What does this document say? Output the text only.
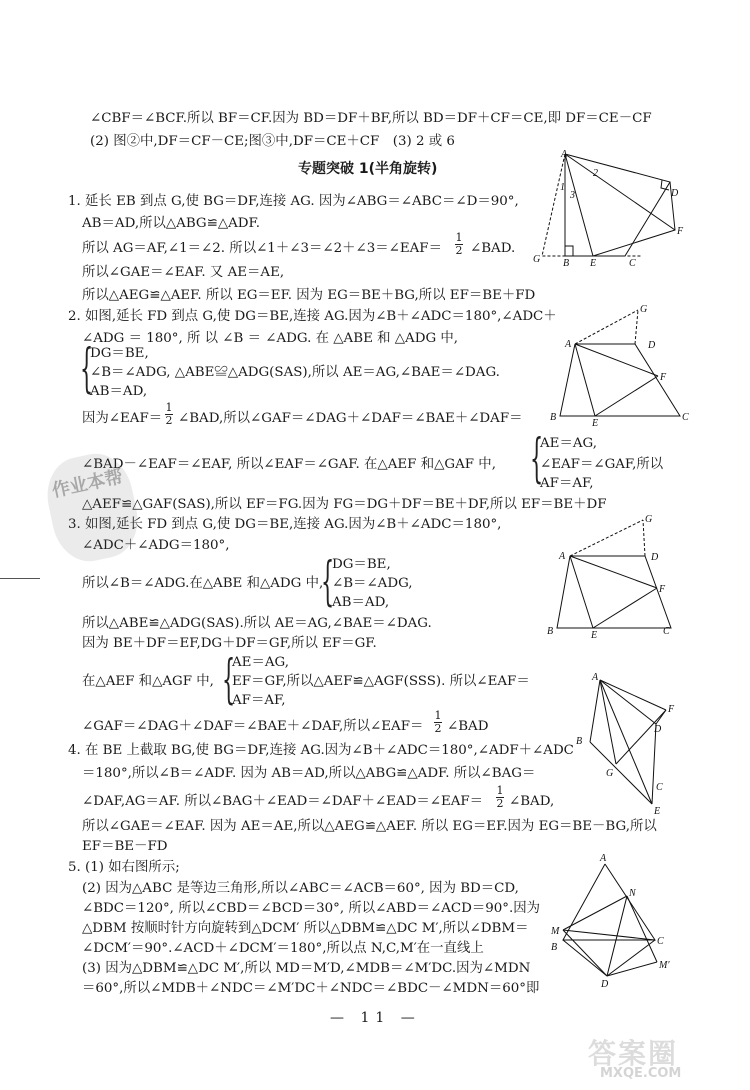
∠CBF＝∠BCF.所以 BF＝CF.因为 BD＝DF＋BF,所以 BD＝DF＋CF＝CE,即 DF＝CE－CF
(2) 图②中,DF＝CF－CE;图③中,DF＝CE＋CF　(3) 2 或 6
专题突破 1(半角旋转)
1. 延长 EB 到点 G,使 BG＝DF,连接 AG. 因为∠ABG＝∠ABC＝∠D＝90°,
AB＝AD,所以△ABG≌△ADF.
所以 AG＝AF,∠1＝∠2. 所以∠1＋∠3＝∠2＋∠3＝∠EAF＝
1
2 ∠BAD.
所以∠GAE＝∠EAF. 又 AE＝AE,
所以△AEG≌△AEF. 所以 EG＝EF. 因为 EG＝BE＋BG,所以 EF＝BE＋FD
2. 如图,延长 FD 到点 G,使 DG＝BE,连接 AG.因为∠B＋∠ADC＝180°,∠ADC＋
∠ADG ＝ 180°, 所 以 ∠B ＝ ∠ADG. 在 △ABE 和 △ADG 中,
{
DG＝BE,
∠B＝∠ADG, △ABE≌△ADG(SAS),所以 AE＝AG,∠BAE＝∠DAG.
AB＝AD,
因为∠EAF＝
1
2 ∠BAD,所以∠GAF＝∠DAG＋∠DAF＝∠BAE＋∠DAF＝
{
AE＝AG,
∠BAD－∠EAF＝∠EAF, 所以∠EAF＝∠GAF. 在△AEF 和△GAF 中,	∠EAF＝∠GAF,所以
AF＝AF,
△AEF≌△GAF(SAS),所以 EF＝FG.因为 FG＝DG＋DF＝BE＋DF,所以 EF＝BE＋DF
3. 如图,延长 FD 到点 G,使 DG＝BE,连接 AG.因为∠B＋∠ADC＝180°,
∠ADC＋∠ADG＝180°,
{
DG＝BE,
所以∠B＝∠ADG.在△ABE 和△ADG 中, ∠B＝∠ADG,
AB＝AD,
所以△ABE≌△ADG(SAS).所以 AE＝AG,∠BAE＝∠DAG.
因为 BE＋DF＝EF,DG＋DF＝GF,所以 EF＝GF.
{
AE＝AG,
在△AEF 和△AGF 中, EF＝GF,所以△AEF≌△AGF(SSS). 所以∠EAF＝
AF＝AF,
∠GAF＝∠DAG＋∠DAF＝∠BAE＋∠DAF,所以∠EAF＝
1
2 ∠BAD
4. 在 BE 上截取 BG,使 BG＝DF,连接 AG.因为∠B＋∠ADC＝180°,∠ADF＋∠ADC
＝180°,所以∠B＝∠ADF. 因为 AB＝AD,所以△ABG≌△ADF. 所以∠BAG＝
∠DAF,AG＝AF. 所以∠BAG＋∠EAD＝∠DAF＋∠EAD＝∠EAF＝
1
2 ∠BAD,
所以∠GAE＝∠EAF. 因为 AE＝AE,所以△AEG≌△AEF. 所以 EG＝EF.因为 EG＝BE－BG,所以
EF＝BE－FD
5. (1) 如右图所示;
(2) 因为△ABC 是等边三角形,所以∠ABC＝∠ACB＝60°, 因为 BD＝CD,
∠BDC＝120°, 所以∠CBD＝∠BCD＝30°, 所以∠ABD＝∠ACD＝90°.因为
△DBM 按顺时针方向旋转到△DCM′ 所以△DBM≌△DC M′,所以∠DBM＝
∠DCM′＝90°.∠ACD＋∠DCM′＝180°,所以点 N,C,M′在一直线上
(3) 因为△DBM≌△DC M′,所以 MD＝M′D,∠MDB＝∠M′DC.因为∠MDN
＝60°,所以∠MDB＋∠NDC＝∠M′DC＋∠NDC＝∠BDC－∠MDN＝60°即
A
G B E	C
F
D
1
2
3
A
B
E
C
F
D
G
A
B	E	C
F
D
G
A
B
G
C
F
D
E
A
B
C
D
M
N
M′
作业本帮
— 11 —
答案圈
MXQE.COM
